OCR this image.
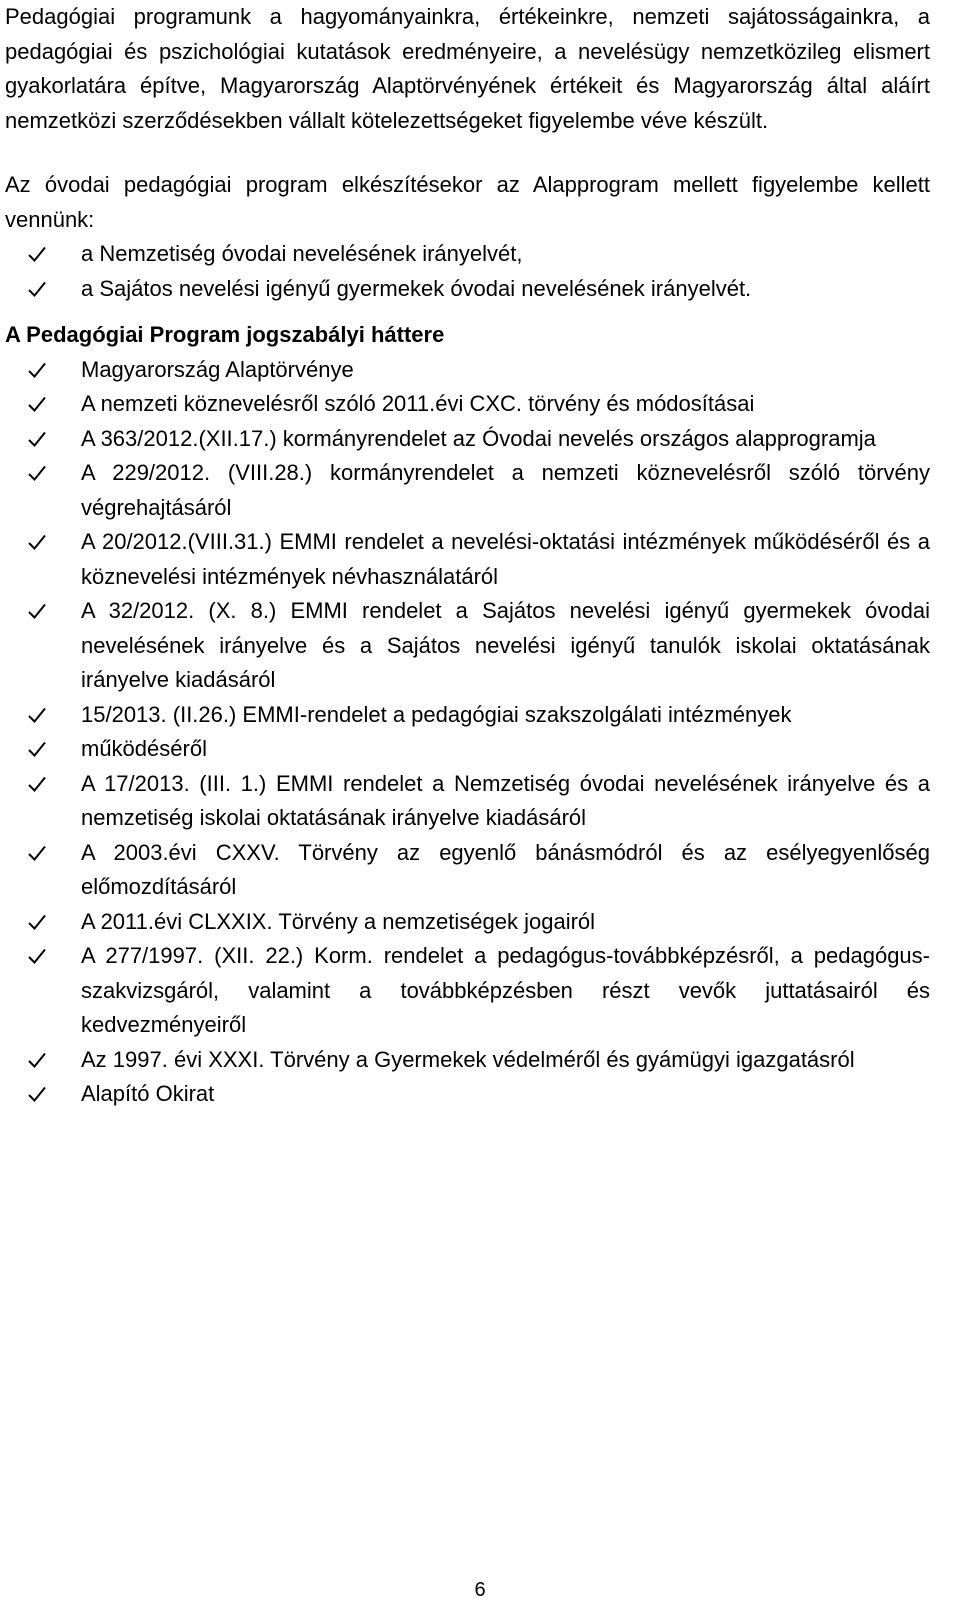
Pedagógiai programunk a hagyományainkra, értékeinkre, nemzeti sajátosságainkra, a pedagógiai és pszichológiai kutatások eredményeire, a nevelésügy nemzetközileg elismert gyakorlatára építve, Magyarország Alaptörvényének értékeit és Magyarország által aláírt nemzetközi szerződésekben vállalt kötelezettségeket figyelembe véve készült.

Az óvodai pedagógiai program elkészítésekor az Alapprogram mellett figyelembe kellett vennünk:

a Nemzetiség óvodai nevelésének irányelvét,
a Sajátos nevelési igényű gyermekek óvodai nevelésének irányelvét.

A Pedagógiai Program jogszabályi háttere

Magyarország Alaptörvénye
A nemzeti köznevelésről szóló 2011.évi CXC. törvény és módosításai
A 363/2012.(XII.17.) kormányrendelet az Óvodai nevelés országos alapprogramja
A 229/2012. (VIII.28.) kormányrendelet a nemzeti köznevelésről szóló törvény végrehajtásáról
A 20/2012.(VIII.31.) EMMI rendelet a nevelési-oktatási intézmények működéséről és a köznevelési intézmények névhasználatáról
A 32/2012. (X. 8.) EMMI rendelet a Sajátos nevelési igényű gyermekek óvodai nevelésének irányelve és a Sajátos nevelési igényű tanulók iskolai oktatásának irányelve kiadásáról
15/2013. (II.26.) EMMI-rendelet a pedagógiai szakszolgálati intézmények
működéséről
A 17/2013. (III. 1.) EMMI rendelet a Nemzetiség óvodai nevelésének irányelve és a nemzetiség iskolai oktatásának irányelve kiadásáról
A 2003.évi CXXV. Törvény az egyenlő bánásmódról és az esélyegyenlőség előmozdításáról
A 2011.évi CLXXIX. Törvény a nemzetiségek jogairól
A 277/1997. (XII. 22.) Korm. rendelet a pedagógus-továbbképzésről, a pedagógus-szakvizsgáról, valamint a továbbképzésben részt vevők juttatásairól és kedvezményeiről
Az 1997. évi XXXI. Törvény a Gyermekek védelméről és gyámügyi igazgatásról
Alapító Okirat
6
